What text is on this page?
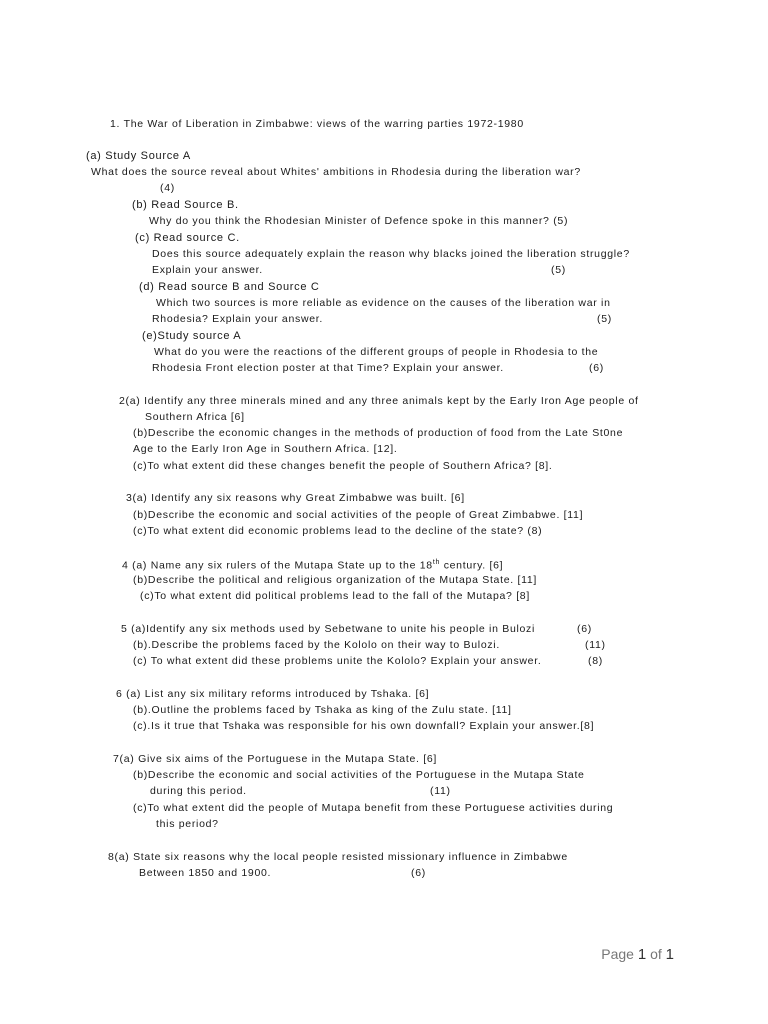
1. The War of Liberation in Zimbabwe: views of the warring parties 1972-1980
(a) Study Source A
What does the source reveal about Whites' ambitions in Rhodesia during the liberation war?
(4)
(b) Read Source B.
Why do you think the Rhodesian Minister of Defence spoke in this manner? (5)
(c) Read source C.
Does this source adequately explain the reason why blacks joined the liberation struggle?
Explain your answer.	(5)
(d) Read source B and Source C
Which two sources is more reliable as evidence on the causes of the liberation war in
Rhodesia? Explain your answer.	(5)
(e)Study source A
What do you were the reactions of the different groups of people in Rhodesia to the
Rhodesia Front election poster at that Time? Explain your answer.	(6)
2(a) Identify any three minerals mined and any three animals kept by the Early Iron Age people of
Southern Africa [6]
(b)Describe the economic changes in the methods of production of food from the Late St0ne
Age to the Early Iron Age in Southern Africa. [12].
(c)To what extent did these changes benefit the people of Southern Africa? [8].
3(a) Identify any six reasons why Great Zimbabwe was built. [6]
(b)Describe the economic and social activities of the people of Great Zimbabwe. [11]
(c)To what extent did economic problems lead to the decline of the state? (8)
4 (a) Name any six rulers of the Mutapa State up to the 18th century. [6]
(b)Describe the political and religious organization of the Mutapa State. [11]
(c)To what extent did political problems lead to the fall of the Mutapa? [8]
5 (a)Identify any six methods used by Sebetwane to unite his people in Bulozi	(6)
(b).Describe the problems faced by the Kololo on their way to Bulozi.	(11)
(c) To what extent did these problems unite the Kololo? Explain your answer.	(8)
6 (a) List any six military reforms introduced by Tshaka. [6]
(b).Outline the problems faced by Tshaka as king of the Zulu state. [11]
(c).Is it true that Tshaka was responsible for his own downfall? Explain your answer.[8]
7(a) Give six aims of the Portuguese in the Mutapa State. [6]
(b)Describe the economic and social activities of the Portuguese in the Mutapa State
during this period.	(11)
(c)To what extent did the people of Mutapa benefit from these Portuguese activities during
this period?
8(a) State six reasons why the local people resisted missionary influence in Zimbabwe
Between 1850 and 1900.	(6)
Page 1 of 1
